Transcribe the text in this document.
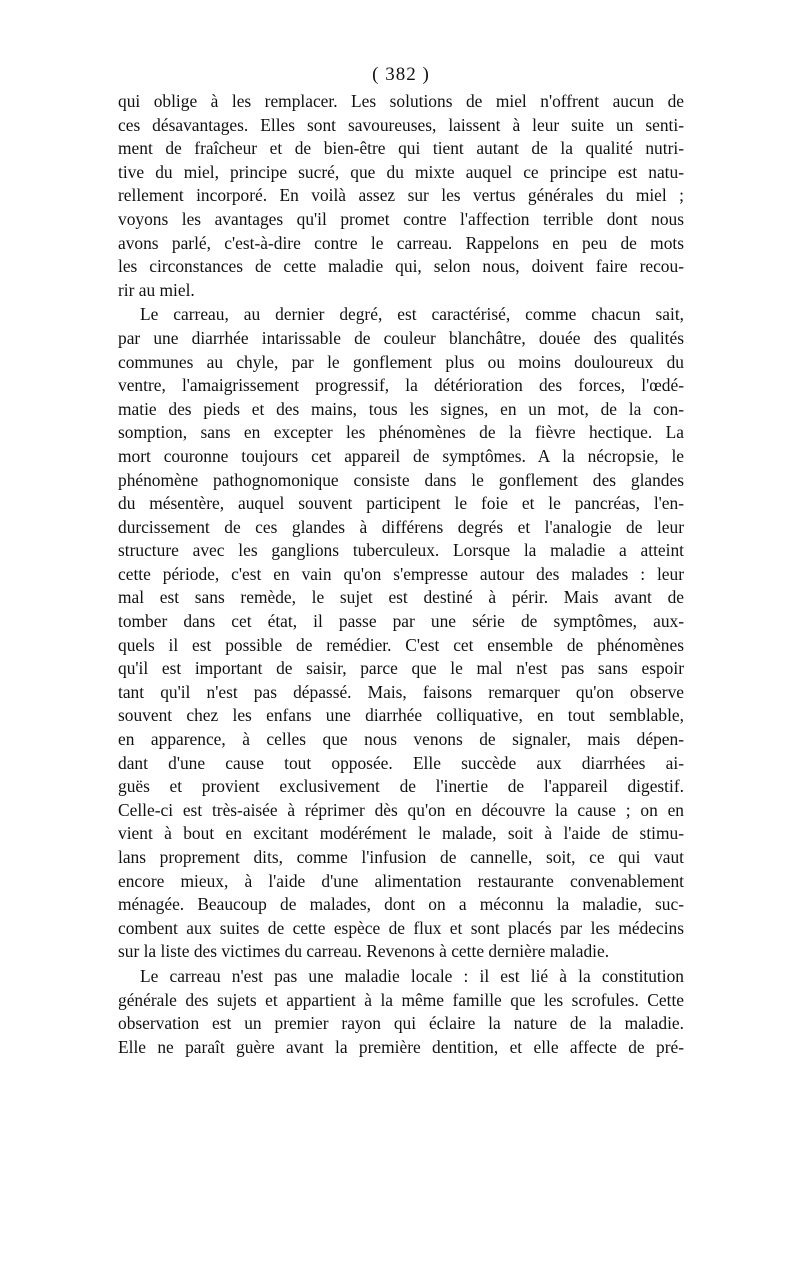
( 382 )
qui oblige à les remplacer. Les solutions de miel n'offrent aucun de
ces désavantages. Elles sont savoureuses, laissent à leur suite un senti-
ment de fraîcheur et de bien-être qui tient autant de la qualité nutri-
tive du miel, principe sucré, que du mixte auquel ce principe est natu-
rellement incorporé. En voilà assez sur les vertus générales du miel ;
voyons les avantages qu'il promet contre l'affection terrible dont nous
avons parlé, c'est-à-dire contre le carreau. Rappelons en peu de mots
les circonstances de cette maladie qui, selon nous, doivent faire recou-
rir au miel.
Le carreau, au dernier degré, est caractérisé, comme chacun sait,
par une diarrhée intarissable de couleur blanchâtre, douée des qualités
communes au chyle, par le gonflement plus ou moins douloureux du
ventre, l'amaigrissement progressif, la détérioration des forces, l'œdé-
matie des pieds et des mains, tous les signes, en un mot, de la con-
somption, sans en excepter les phénomènes de la fièvre hectique. La
mort couronne toujours cet appareil de symptômes. A la nécropsie, le
phénomène pathognomonique consiste dans le gonflement des glandes
du mésentère, auquel souvent participent le foie et le pancréas, l'en-
durcissement de ces glandes à différens degrés et l'analogie de leur
structure avec les ganglions tuberculeux. Lorsque la maladie a atteint
cette période, c'est en vain qu'on s'empresse autour des malades : leur
mal est sans remède, le sujet est destiné à périr. Mais avant de
tomber dans cet état, il passe par une série de symptômes, aux-
quels il est possible de remédier. C'est cet ensemble de phénomènes
qu'il est important de saisir, parce que le mal n'est pas sans espoir
tant qu'il n'est pas dépassé. Mais, faisons remarquer qu'on observe
souvent chez les enfans une diarrhée colliquative, en tout semblable,
en apparence, à celles que nous venons de signaler, mais dépen-
dant d'une cause tout opposée. Elle succède aux diarrhées ai-
guës et provient exclusivement de l'inertie de l'appareil digestif.
Celle-ci est très-aisée à réprimer dès qu'on en découvre la cause ; on en
vient à bout en excitant modérément le malade, soit à l'aide de stimu-
lans proprement dits, comme l'infusion de cannelle, soit, ce qui vaut
encore mieux, à l'aide d'une alimentation restaurante convenablement
ménagée. Beaucoup de malades, dont on a méconnu la maladie, suc-
combent aux suites de cette espèce de flux et sont placés par les médecins
sur la liste des victimes du carreau. Revenons à cette dernière maladie.
Le carreau n'est pas une maladie locale : il est lié à la constitution
générale des sujets et appartient à la même famille que les scrofules. Cette
observation est un premier rayon qui éclaire la nature de la maladie.
Elle ne paraît guère avant la première dentition, et elle affecte de pré-
